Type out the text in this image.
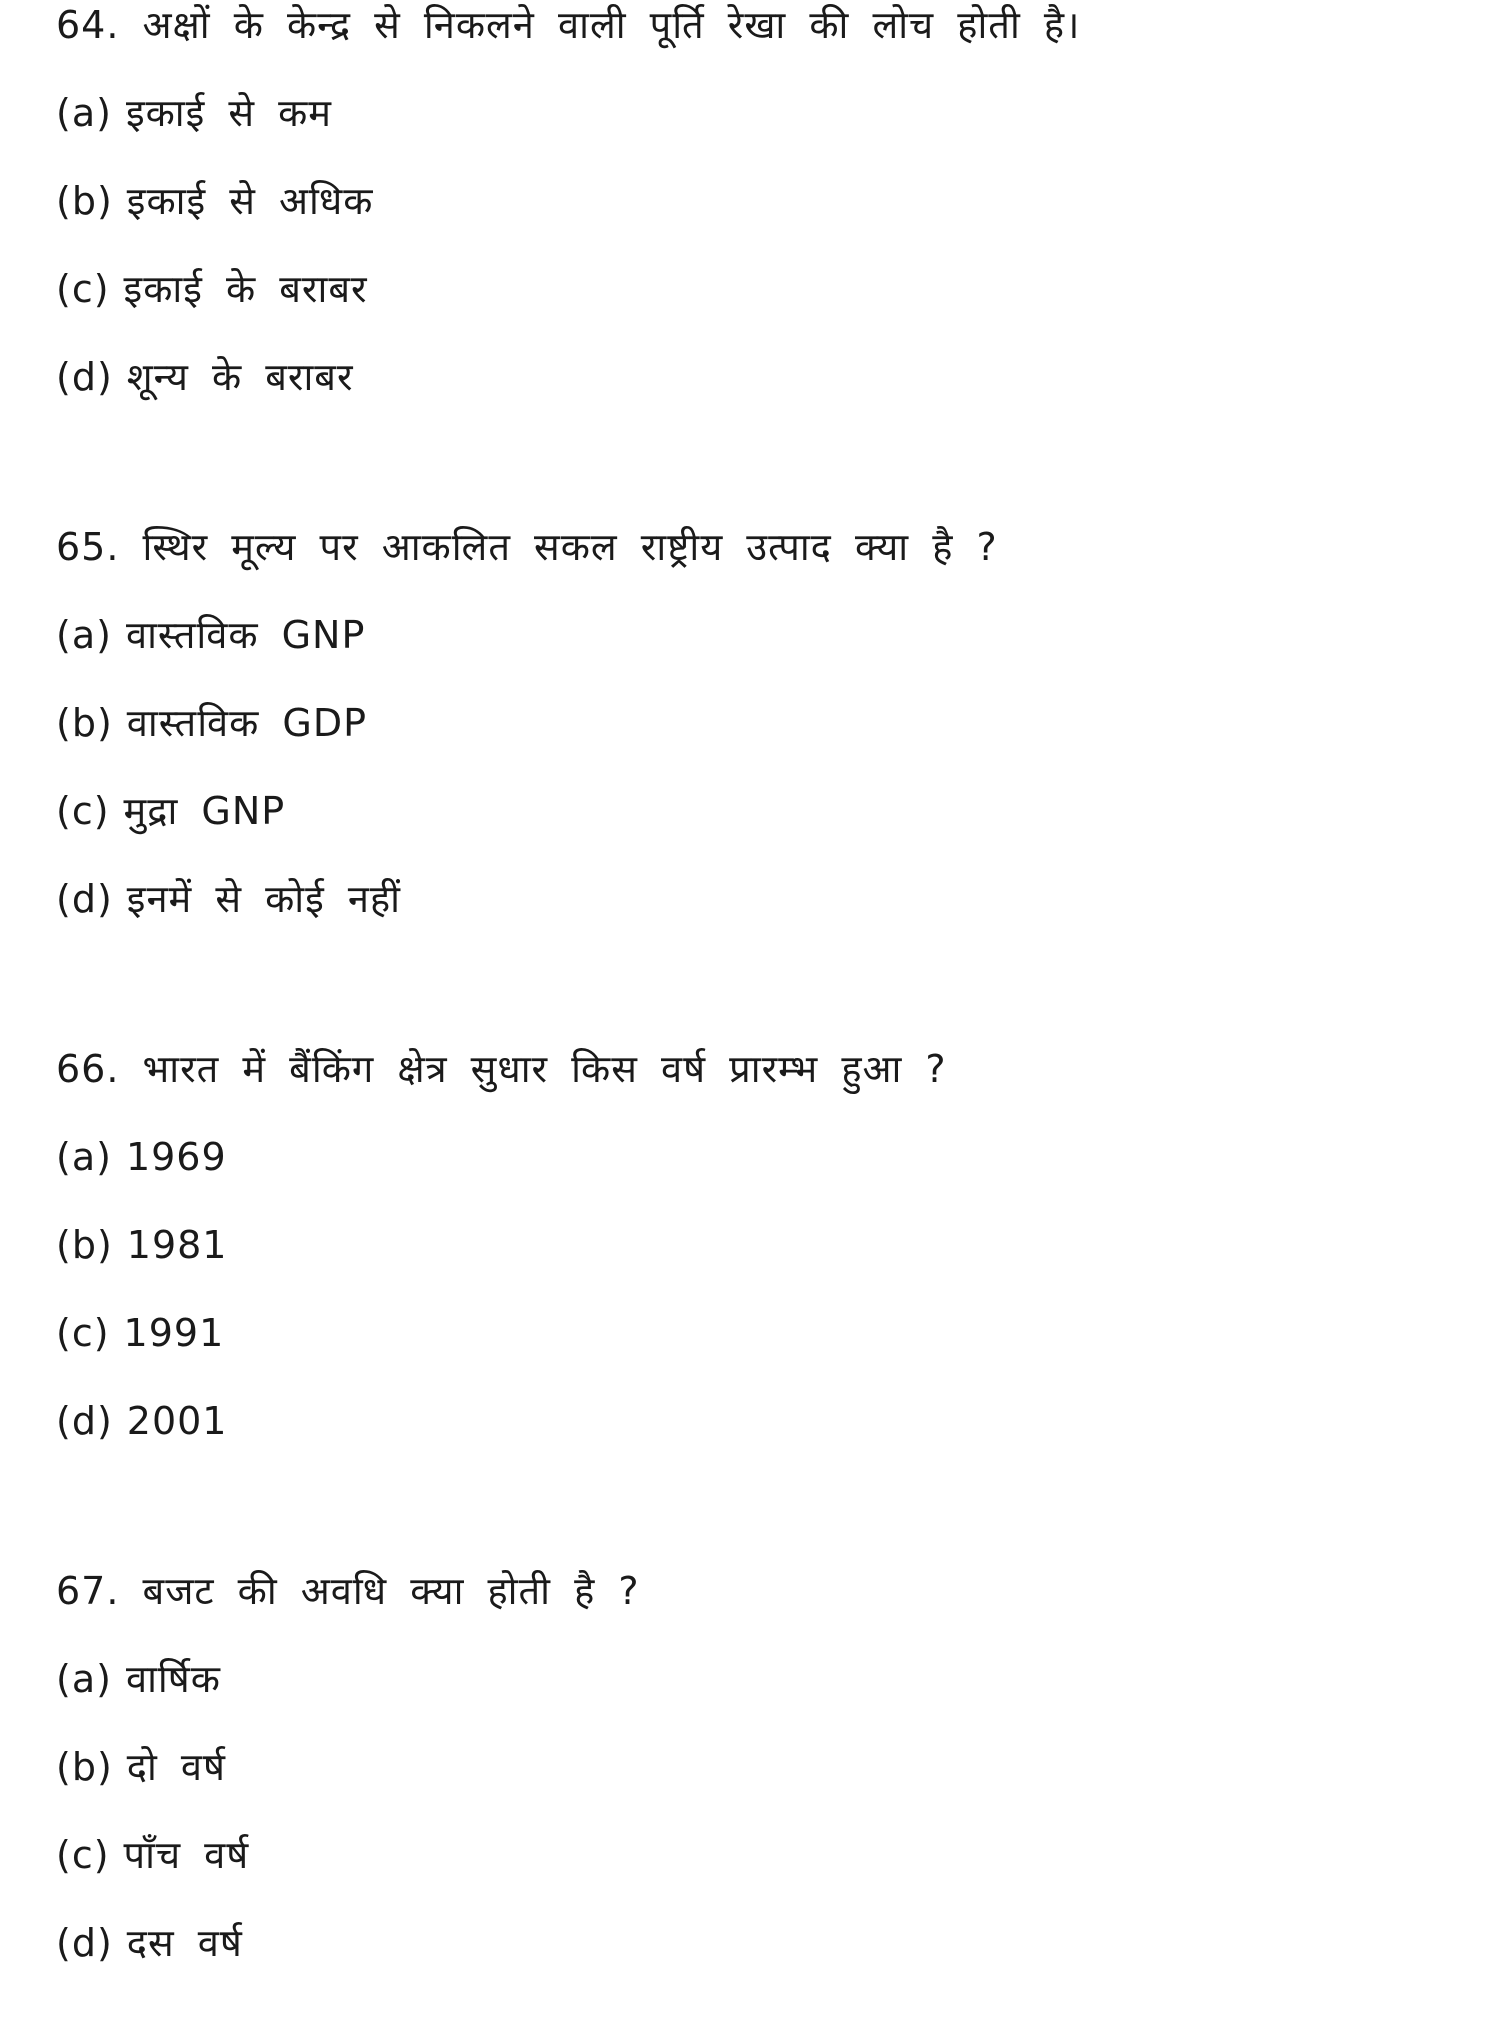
64. अक्षों के केन्द्र से निकलने वाली पूर्ति रेखा की लोच होती है।
(a) इकाई से कम
(b) इकाई से अधिक
(c) इकाई के बराबर
(d) शून्य के बराबर
65. स्थिर मूल्य पर आकलित सकल राष्ट्रीय उत्पाद क्या है ?
(a) वास्तविक GNP
(b) वास्तविक GDP
(c) मुद्रा GNP
(d) इनमें से कोई नहीं
66. भारत में बैंकिंग क्षेत्र सुधार किस वर्ष प्रारम्भ हुआ ?
(a) 1969
(b) 1981
(c) 1991
(d) 2001
67. बजट की अवधि क्या होती है ?
(a) वार्षिक
(b) दो वर्ष
(c) पाँच वर्ष
(d) दस वर्ष
